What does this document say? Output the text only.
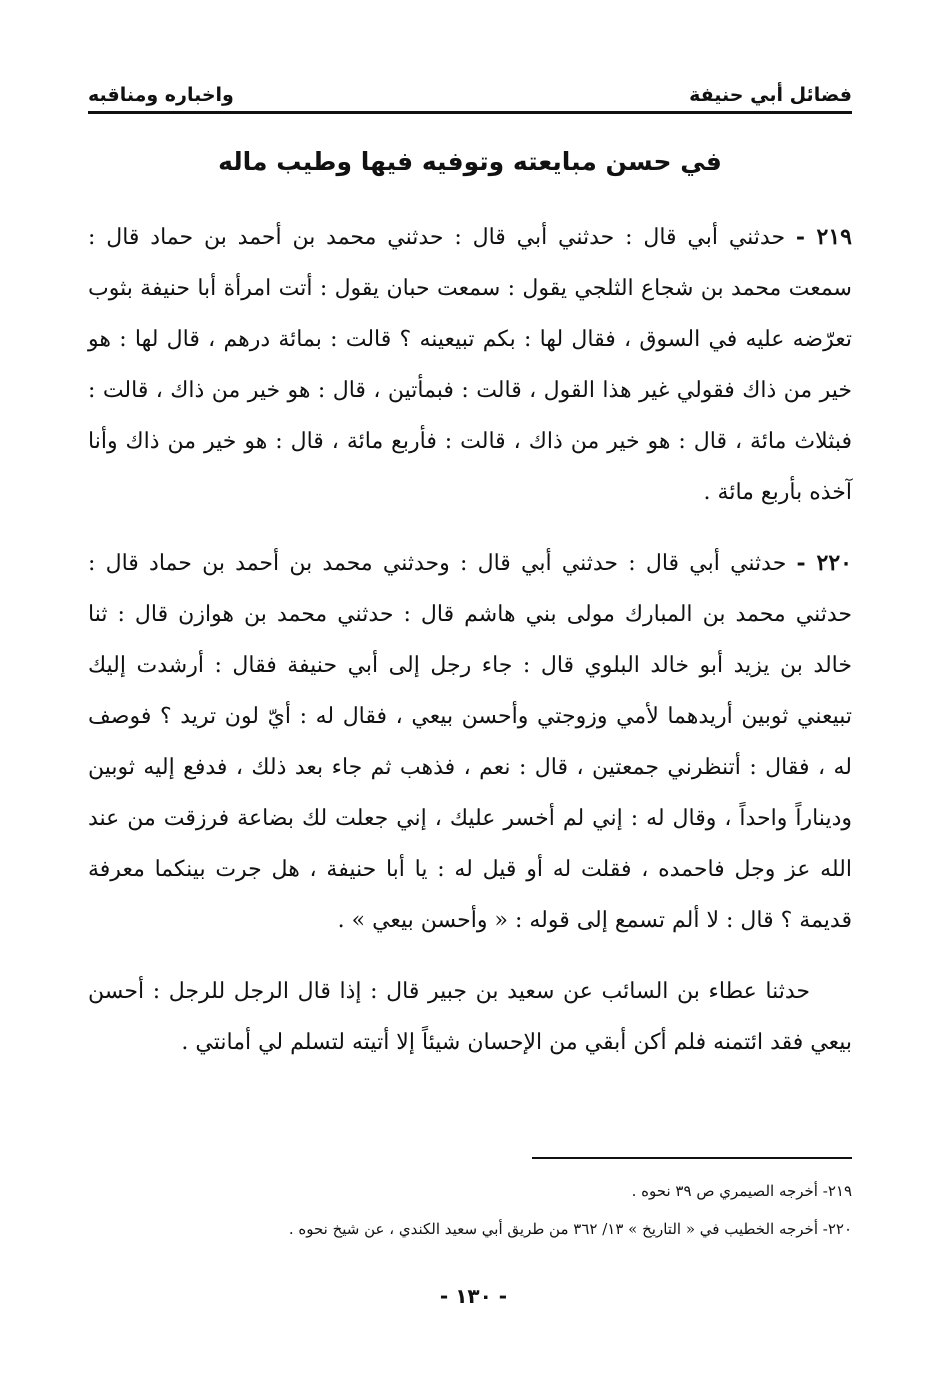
فضائل أبي حنيفة
واخباره ومناقبه
في حسن مبايعته وتوفيه فيها وطيب ماله

٢١٩ - حدثني أبي قال : حدثني أبي قال : حدثني محمد بن أحمد بن حماد قال : سمعت محمد بن شجاع الثلجي يقول : سمعت حبان يقول : أتت امرأة أبا حنيفة بثوب تعرّضه عليه في السوق ، فقال لها : بكم تبيعينه ؟ قالت : بمائة درهم ، قال لها : هو خير من ذاك فقولي غير هذا القول ، قالت : فبمأتين ، قال : هو خير من ذاك ، قالت : فبثلاث مائة ، قال : هو خير من ذاك ، قالت : فأربع مائة ، قال : هو خير من ذاك وأنا آخذه بأربع مائة .

٢٢٠ - حدثني أبي قال : حدثني أبي قال : وحدثني محمد بن أحمد بن حماد قال : حدثني محمد بن المبارك مولى بني هاشم قال : حدثني محمد بن هوازن قال : ثنا خالد بن يزيد أبو خالد البلوي قال : جاء رجل إلى أبي حنيفة فقال : أرشدت إليك تبيعني ثوبين أريدهما لأمي وزوجتي وأحسن بيعي ، فقال له : أيّ لون تريد ؟ فوصف له ، فقال : أتنظرني جمعتين ، قال : نعم ، فذهب ثم جاء بعد ذلك ، فدفع إليه ثوبين وديناراً واحداً ، وقال له : إني لم أخسر عليك ، إني جعلت لك بضاعة فرزقت من عند الله عز وجل فاحمده ، فقلت له أو قيل له : يا أبا حنيفة ، هل جرت بينكما معرفة قديمة ؟ قال : لا ألم تسمع إلى قوله : « وأحسن بيعي » .

حدثنا عطاء بن السائب عن سعيد بن جبير قال : إذا قال الرجل للرجل : أحسن بيعي فقد ائتمنه فلم أكن أبقي من الإحسان شيئاً إلا أتيته لتسلم لي أمانتي .

٢١٩- أخرجه الصيمري ص ٣٩ نحوه .
٢٢٠- أخرجه الخطيب في « التاريخ » ١٣/ ٣٦٢ من طريق أبي سعيد الكندي ، عن شيخ نحوه .
- ١٣٠ -
